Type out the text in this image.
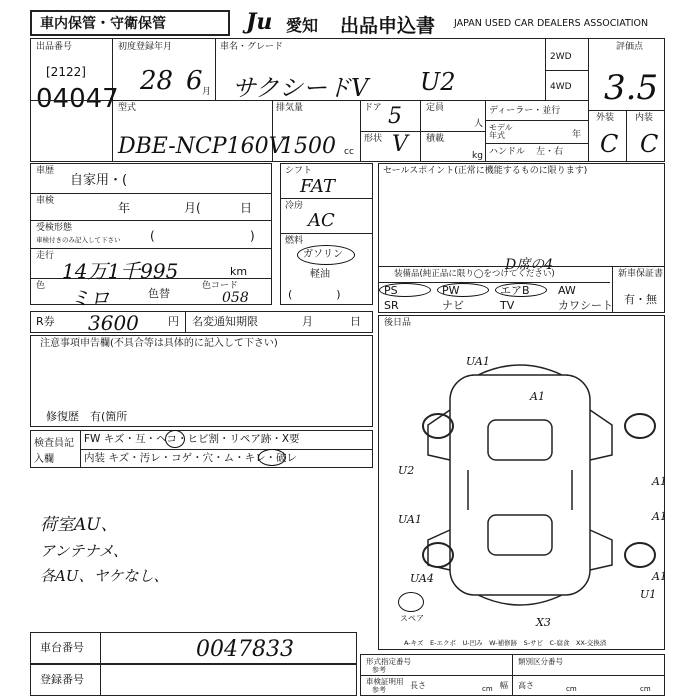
車内保管・守衛保管	Ju 愛知 出品申込書 JAPAN USED CAR DEALERS ASSOCIATION
出品番号
[2122]
04047
初度登録年月
28 6 月
車名・グレード
サクシードV U2
2WD
4WD
評価点
3.5
外装 内装
C C
型式
DBE-NCP160V
排気量
1500 cc
ドア 5
形状 V
定員
人
積載
kg
ディーラー・並行
モデル年式	年
ハンドル 左・右
車歴
自家用・(
車検	年	月(	日
受検形態
車検付きのみ記入して下さい (	)
走行
14万1千995	km
色 ミロ	色替
色コード
058
シフト
FAT
冷房
AC
燃料
ガソリン
軽油
(　　　　)
セールスポイント(正常に機能するものに限ります)
D席の4
装備品(純正品に限り◯をつけてください)	新車保証書
有・無
PS	PW	エアB	AW
SR	ナビ	TV	カワシート
R券 3600	円 名変通知期限	月	日
注意事項申告欄(不具合等は具体的に記入して下さい)
修復歴　有(箇所
検査員記入欄
FW キズ・互・ヘコ・ヒビ割・リペア跡・X要
内装 キズ・汚レ・コゲ・穴・ム・キレ・破レ
荷室AU、
アンテナメ、
各AU、ヤケなし、
後日品
スペア
UA1
A1
U2
UA1
A1
A1
UA4	A1
U1
X3
A-キズ　E-エクボ　U-凹み　W-補修跡　S-サビ　C-腐食　XX-交換済
車台番号	0047833
登録番号
形式指定番号
参考
類別区分番号
車検証明用
参考	長さ	cm 幅 高さ	cm	cm
